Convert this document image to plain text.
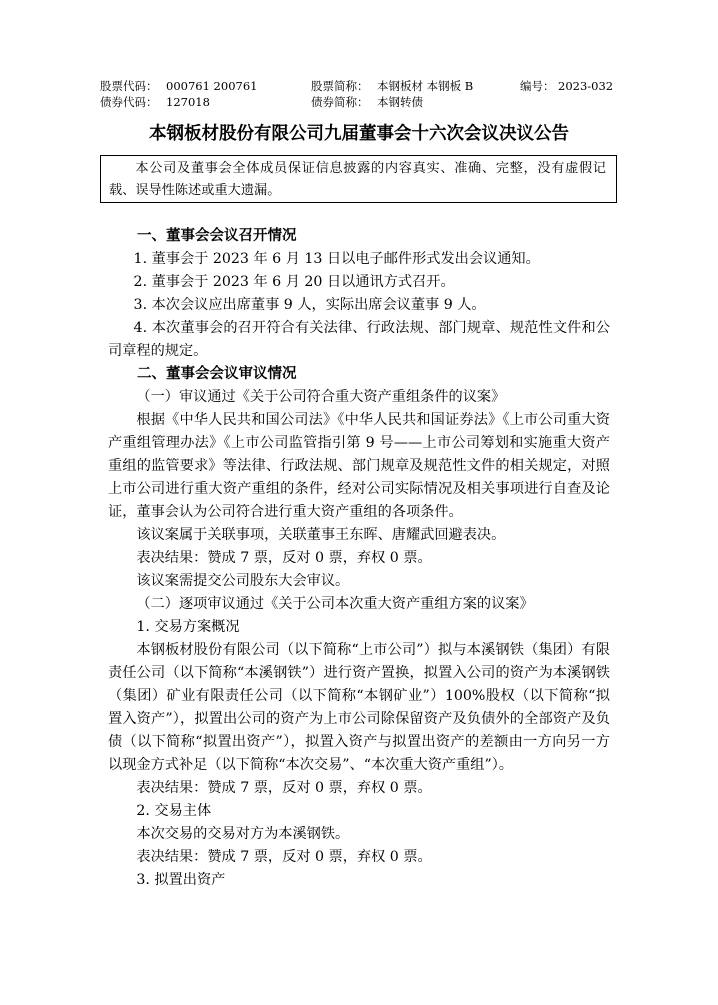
股票代码： 000761 200761	股票简称： 本钢板材 本钢板 B	编号： 2023-032
债券代码： 127018	债券简称： 本钢转债
本钢板材股份有限公司九届董事会十六次会议决议公告
本公司及董事会全体成员保证信息披露的内容真实、准确、完整，没有虚假记载、误导性陈述或重大遗漏。

一、董事会会议召开情况

1. 董事会于 2023 年 6 月 13 日以电子邮件形式发出会议通知。

2. 董事会于 2023 年 6 月 20 日以通讯方式召开。

3. 本次会议应出席董事 9 人，实际出席会议董事 9 人。

4. 本次董事会的召开符合有关法律、行政法规、部门规章、规范性文件和公司章程的规定。

二、董事会会议审议情况

（一）审议通过《关于公司符合重大资产重组条件的议案》

根据《中华人民共和国公司法》《中华人民共和国证券法》《上市公司重大资产重组管理办法》《上市公司监管指引第 9 号——上市公司筹划和实施重大资产重组的监管要求》等法律、行政法规、部门规章及规范性文件的相关规定，对照上市公司进行重大资产重组的条件，经对公司实际情况及相关事项进行自查及论证，董事会认为公司符合进行重大资产重组的各项条件。

该议案属于关联事项，关联董事王东晖、唐耀武回避表决。

表决结果：赞成 7 票，反对 0 票，弃权 0 票。

该议案需提交公司股东大会审议。

（二）逐项审议通过《关于公司本次重大资产重组方案的议案》

1. 交易方案概况

本钢板材股份有限公司（以下简称“上市公司”）拟与本溪钢铁（集团）有限责任公司（以下简称“本溪钢铁”）进行资产置换，拟置入公司的资产为本溪钢铁（集团）矿业有限责任公司（以下简称“本钢矿业”）100%股权（以下简称“拟置入资产”），拟置出公司的资产为上市公司除保留资产及负债外的全部资产及负债（以下简称“拟置出资产”），拟置入资产与拟置出资产的差额由一方向另一方以现金方式补足（以下简称“本次交易”、“本次重大资产重组”）。

表决结果：赞成 7 票，反对 0 票，弃权 0 票。

2. 交易主体

本次交易的交易对方为本溪钢铁。

表决结果：赞成 7 票，反对 0 票，弃权 0 票。

3. 拟置出资产
